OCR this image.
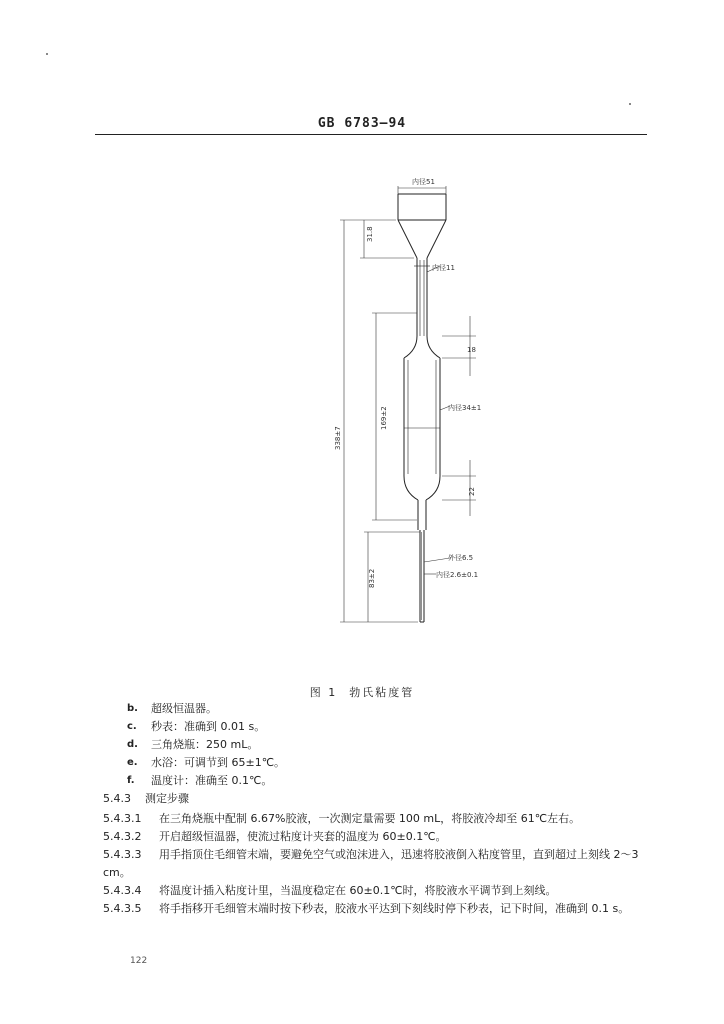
GB 6783—94
内径51
31.8
内径11
18
内径34±1
169±2
338±7
22
外径6.5
内径2.6±0.1
83±2
图 1 勃氏粘度管
b. 超级恒温器。
c. 秒表：准确到 0.01 s。
d. 三角烧瓶：250 mL。
e. 水浴：可调节到 65±1℃。
f. 温度计：准确至 0.1℃。
5.4.3 测定步骤

5.4.3.1	在三角烧瓶中配制 6.67%胶液，一次测定量需要 100 mL，将胶液冷却至 61℃左右。

5.4.3.2	开启超级恒温器，使流过粘度计夹套的温度为 60±0.1℃。

5.4.3.3	用手指顶住毛细管末端，要避免空气或泡沫进入，迅速将胶液倒入粘度管里，直到超过上刻线 2～3 cm。

5.4.3.4	将温度计插入粘度计里，当温度稳定在 60±0.1℃时，将胶液水平调节到上刻线。

5.4.3.5	将手指移开毛细管末端时按下秒表，胶液水平达到下刻线时停下秒表，记下时间，准确到 0.1 s。

122
